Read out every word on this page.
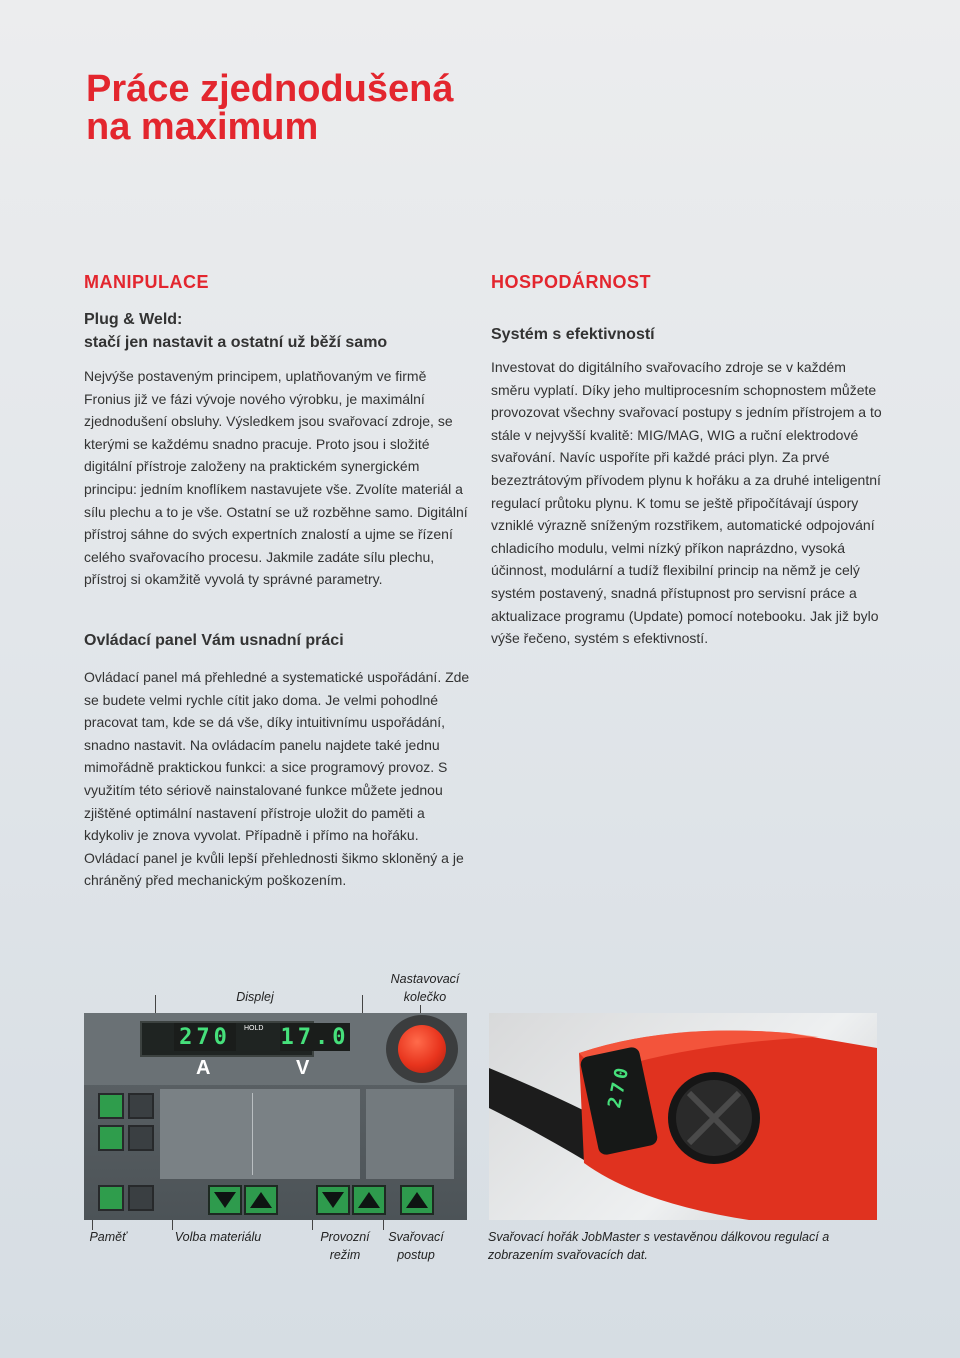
Práce zjednodušená
na maximum
MANIPULACE

Plug & Weld:
stačí jen nastavit a ostatní už běží samo

Nejvýše postaveným principem, uplatňovaným ve firmě Fronius již ve fázi vývoje nového výrobku, je maximální zjednodušení obsluhy. Výsledkem jsou svařovací zdroje, se kterými se každému snadno pracuje. Proto jsou i složité digitální přístroje založeny na praktickém synergickém principu: jedním knoflíkem nastavujete vše. Zvolíte materiál a sílu plechu a to je vše. Ostatní se už rozběhne samo. Digitální přístroj sáhne do svých expertních znalostí a ujme se řízení celého svařovacího procesu. Jakmile zadáte sílu plechu, přístroj si okamžitě vyvolá ty správné parametry.

Ovládací panel Vám usnadní práci

Ovládací panel má přehledné a systematické uspořádání. Zde se budete velmi rychle cítit jako doma. Je velmi pohodlné pracovat tam, kde se dá vše, díky intuitivnímu uspořádání, snadno nastavit. Na ovládacím panelu najdete také jednu mimořádně praktickou funkci: a sice programový provoz. S využitím této sériově nainstalované funkce můžete jednou zjištěné optimální nastavení přístroje uložit do paměti a kdykoliv je znova vyvolat. Případně i přímo na hořáku. Ovládací panel je kvůli lepší přehlednosti šikmo skloněný a je chráněný před mechanickým poškozením.

HOSPODÁRNOST

Systém s efektivností

Investovat do digitálního svařovacího zdroje se v každém směru vyplatí. Díky jeho multiprocesním schopnostem můžete provozovat všechny svařovací postupy s jedním přístrojem a to stále v nejvyšší kvalitě: MIG/MAG, WIG a ruční elektrodové svařování. Navíc uspoříte při každé práci plyn. Za prvé bezeztrátovým přívodem plynu k hořáku a za druhé inteligentní regulací průtoku plynu. K tomu se ještě připočítávají úspory vzniklé výrazně sníženým rozstřikem, automatické odpojování chladicího modulu, velmi nízký příkon naprázdno, vysoká účinnost, modulární a tudíž flexibilní princip na němž je celý systém postavený, snadná přístupnost pro servisní práce a aktualizace programu (Update) pomocí notebooku. Jak již bylo výše řečeno, systém s efektivností.

Displej
Nastavovací
kolečko
270 17.0
HOLD
A	V	270
Paměť	Volba materiálu	Provozní
režim
Svařovací
postup
Svařovací hořák JobMaster s vestavěnou dálkovou regulací a zobrazením svařovacích dat.
